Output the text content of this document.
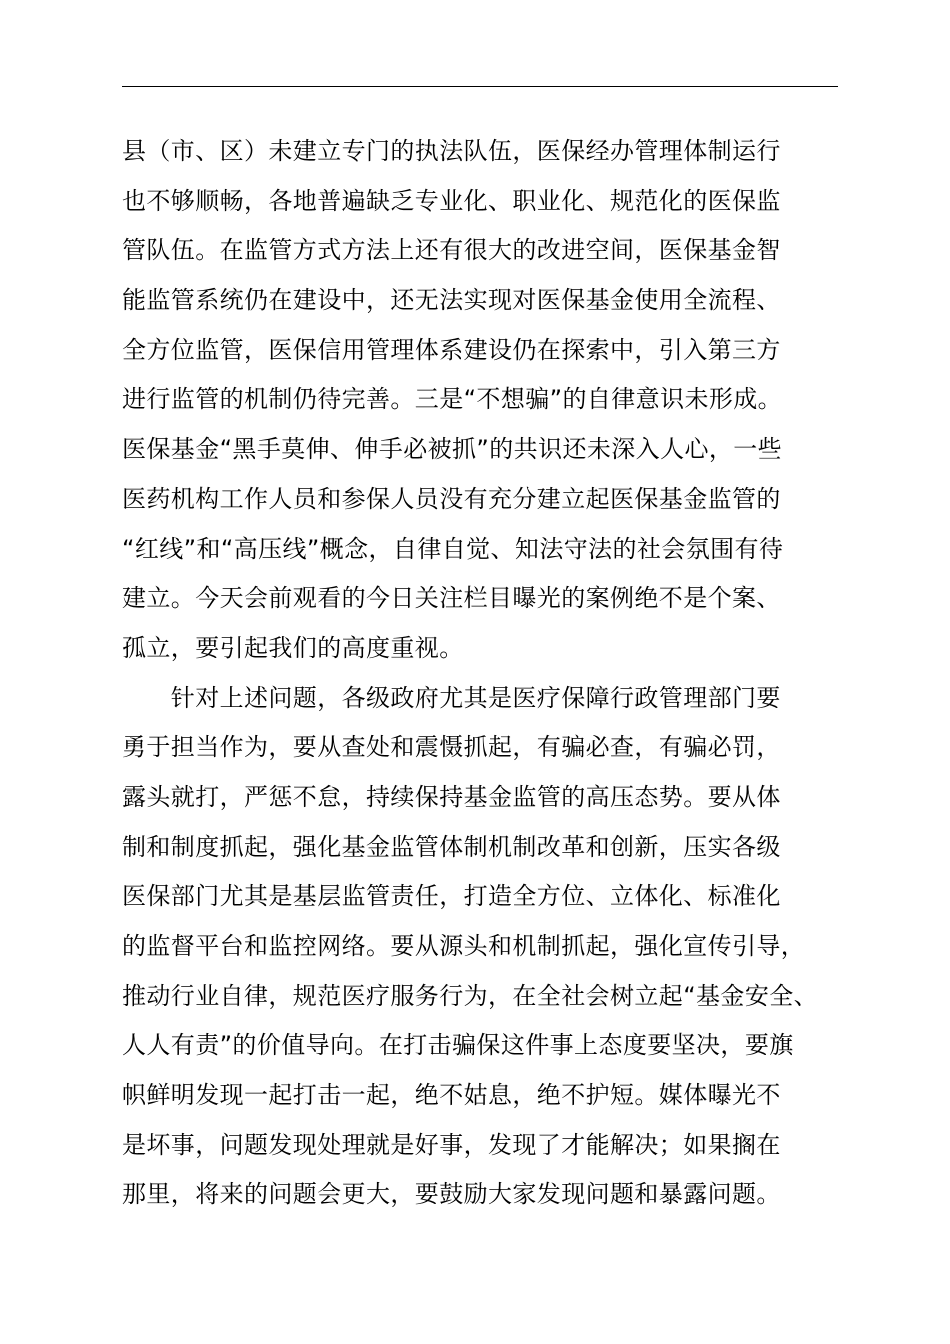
县（市、区）未建立专门的执法队伍，医保经办管理体制运行
也不够顺畅，各地普遍缺乏专业化、职业化、规范化的医保监
管队伍。在监管方式方法上还有很大的改进空间，医保基金智
能监管系统仍在建设中，还无法实现对医保基金使用全流程、
全方位监管，医保信用管理体系建设仍在探索中，引入第三方
进行监管的机制仍待完善。三是“不想骗”的自律意识未形成。
医保基金“黑手莫伸、伸手必被抓”的共识还未深入人心，一些
医药机构工作人员和参保人员没有充分建立起医保基金监管的
“红线”和“高压线”概念，自律自觉、知法守法的社会氛围有待
建立。今天会前观看的今日关注栏目曝光的案例绝不是个案、
孤立，要引起我们的高度重视。
　　针对上述问题，各级政府尤其是医疗保障行政管理部门要
勇于担当作为，要从查处和震慑抓起，有骗必查，有骗必罚，
露头就打，严惩不怠，持续保持基金监管的高压态势。要从体
制和制度抓起，强化基金监管体制机制改革和创新，压实各级
医保部门尤其是基层监管责任，打造全方位、立体化、标准化
的监督平台和监控网络。要从源头和机制抓起，强化宣传引导，
推动行业自律，规范医疗服务行为，在全社会树立起“基金安全、
人人有责”的价值导向。在打击骗保这件事上态度要坚决，要旗
帜鲜明发现一起打击一起，绝不姑息，绝不护短。媒体曝光不
是坏事，问题发现处理就是好事，发现了才能解决；如果搁在
那里，将来的问题会更大，要鼓励大家发现问题和暴露问题。
